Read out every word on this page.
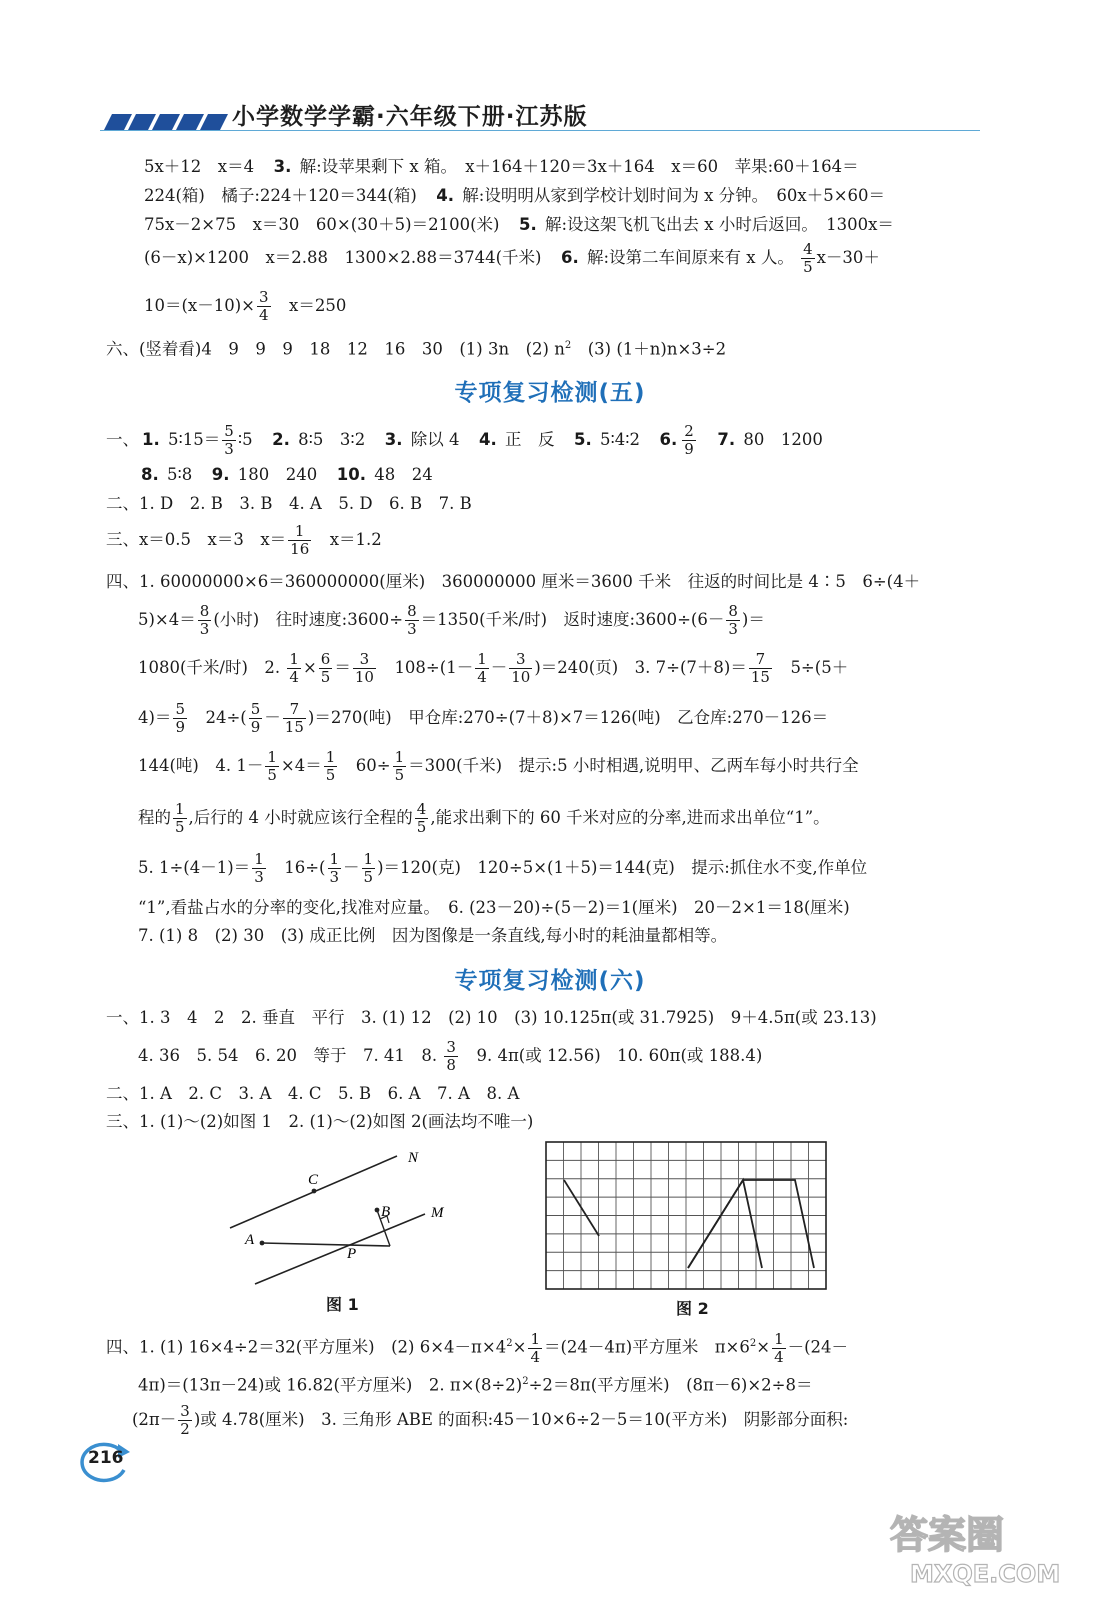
小学数学学霸·六年级下册·江苏版
5x＋12　x＝4　3. 解:设苹果剩下 x 箱。　x＋164＋120＝3x＋164　x＝60　苹果:60＋164＝
224(箱)　橘子:224＋120＝344(箱)　4. 解:设明明从家到学校计划时间为 x 分钟。　60x＋5×60＝
75x－2×75　x＝30　60×(30＋5)＝2100(米)　5. 解:设这架飞机飞出去 x 小时后返回。　1300x＝
(6－x)×1200　x＝2.88　1300×2.88＝3744(千米)　6. 解:设第二车间原来有 x 人。 $\frac{4}{5} x-30+$
$10=(x-10)\times \frac{3}{4}$ 　x＝250
六、(竖着看)4　9　9　9　18　12　16　30　(1) 3n　(2) $n^2$　(3) (1＋n)n×3÷2
专项复习检测(五)
一、 1. 5∶15＝ $\frac{5}{3}$ ∶5　2. 8∶5　3∶2　3. 除以 4　4. 正　反　5. 5∶4∶2　6. $\frac{2}{9}$
　 7. 80　1200
8. 5∶8　9. 180　240　10. 48　24
二、1. D　2. B　3. B　4. A　5. D　6. B　7. B
三、x＝0.5　x＝3　$x= \frac{1}{16}$ 　x＝1.2
四、1. 60000000×6＝360000000(厘米)　360000000 厘米＝3600 千米　往返的时间比是 4∶5　6÷(4＋
$5)\times 4= \frac{8}{3}$ (小时)　往时速度:3600÷ $\frac{8}{3} =1350$(千米/时)　返时速度:3600÷(6－ $\frac{8}{3}$ )＝
1080(千米/时)　2. $\frac{1}{4} \times \frac{6}{5} = \frac{3}{10}$ 　$108\div(1- \frac{1}{4} - \frac{3}{10} )=240$(页)　3. $7\div(7+8)= \frac{7}{15}$ 　5÷(5＋
$4)= \frac{5}{9}$ 　$24\div( \frac{5}{9} - \frac{7}{15} )=270$(吨)　甲仓库:270÷(7＋8)×7＝126(吨)　乙仓库:270－126＝
144(吨)　4. $1- \frac{1}{5} \times 4= \frac{1}{5}$ 　$60\div \frac{1}{5} =300$(千米)　提示:5 小时相遇,说明甲、乙两车每小时共行全
程的 $\frac{1}{5}$ ,后行的 4 小时就应该行全程的 $\frac{4}{5}$ ,能求出剩下的 60 千米对应的分率,进而求出单位“1”。
5. $1\div(4-1)= \frac{1}{3}$ 　$16\div( \frac{1}{3} - \frac{1}{5} )=120$(克)　120÷5×(1＋5)＝144(克)　提示:抓住水不变,作单位
“1”,看盐占水的分率的变化,找准对应量。　6. (23－20)÷(5－2)＝1(厘米)　20－2×1＝18(厘米)
7. (1) 8　(2) 30　(3) 成正比例　因为图像是一条直线,每小时的耗油量都相等。
专项复习检测(六)
一、1. 3　4　2　2. 垂直　平行　3. (1) 12　(2) 10　(3) 10.125π(或 31.7925)　9＋4.5π(或 23.13)
4. 36　5. 54　6. 20　等于　7. 41　8. $\frac{3}{8}$ 　9. 4π(或 12.56)　10. 60π(或 188.4)
二、1. A　2. C　3. A　4. C　5. B　6. A　7. A　8. A
三、1. (1)～(2)如图 1　2. (1)～(2)如图 2(画法均不唯一)
N
C
B	M
A
P
图 1	图 2
四、1. (1) 16×4÷2＝32(平方厘米)　(2) $6\times 4-\pi\times 4^2\times \frac{1}{4} =(24-4\pi)$平方厘米　$\pi\times 6^2\times \frac{1}{4} -(24-$
4π)＝(13π－24)或 16.82(平方厘米)　2. $\pi\times(8\div 2)^2\div 2=8\pi$(平方厘米)　(8π－6)×2÷8＝
($2\pi- \frac{3}{2}$ )或 4.78(厘米)　3. 三角形 ABE 的面积:45－10×6÷2－5＝10(平方米)　阴影部分面积:
216
答案圈
MXQE.COM
